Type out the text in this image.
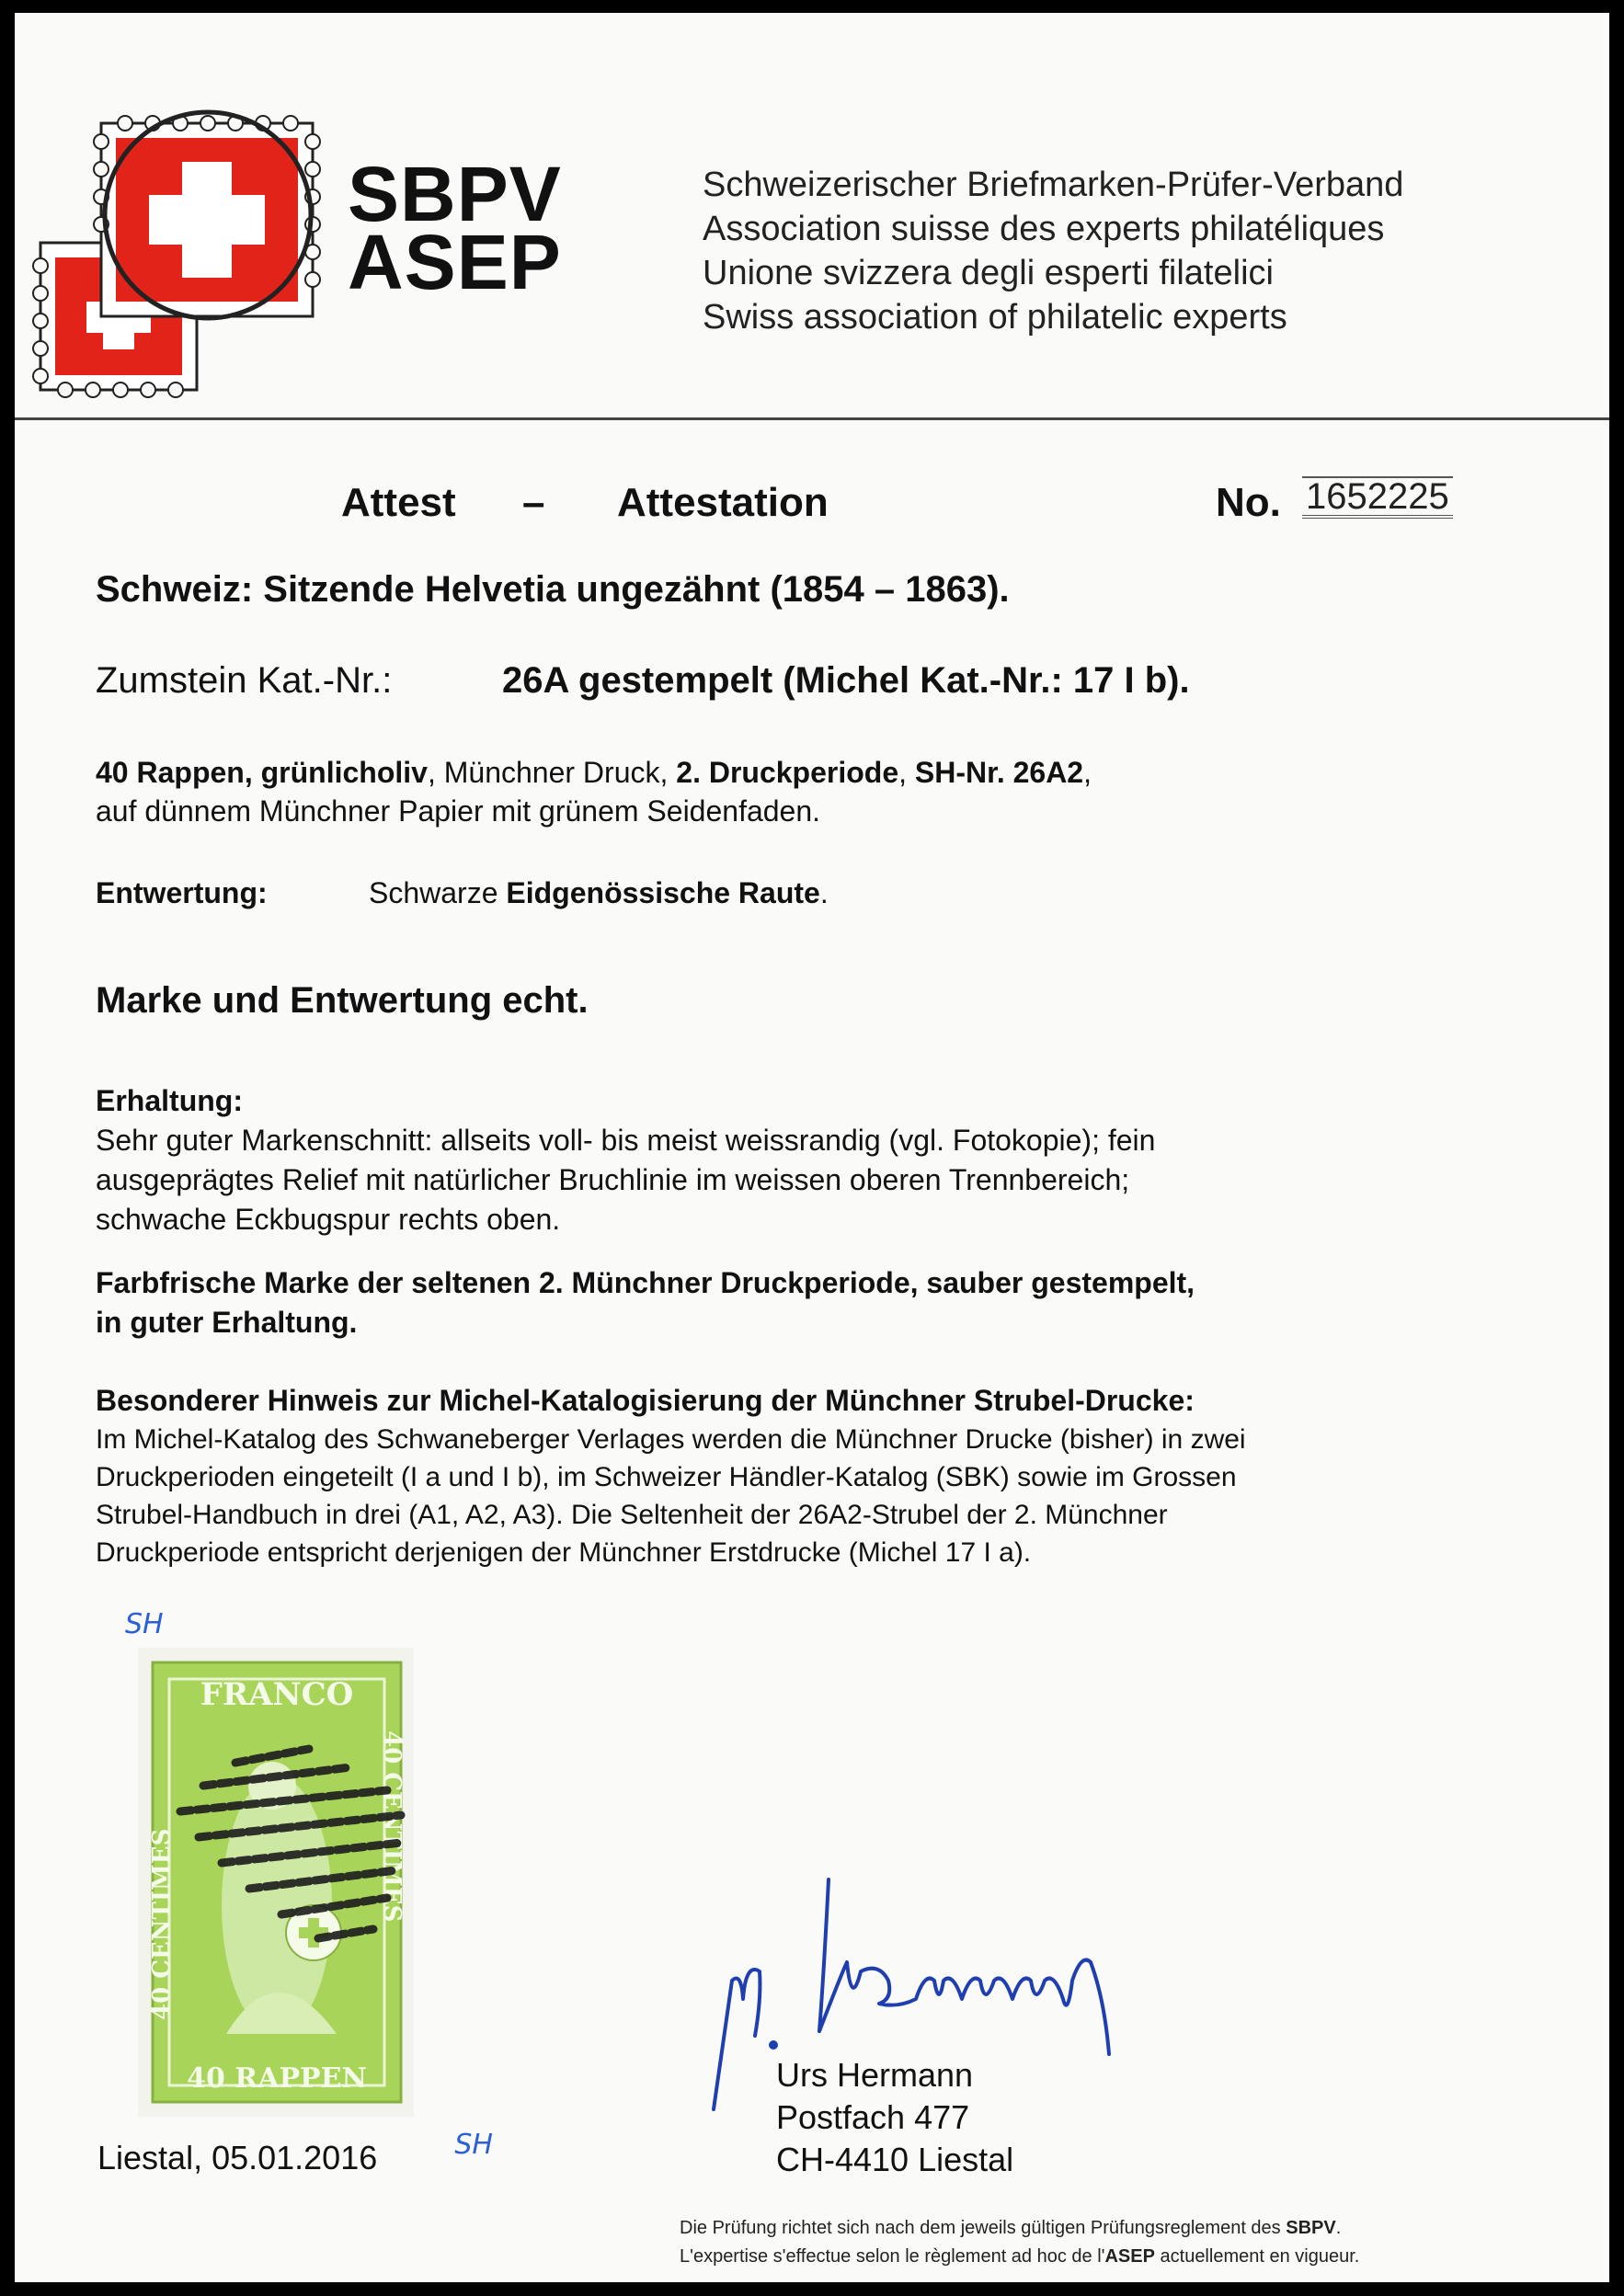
SBPV
ASEP
Schweizerischer Briefmarken-Prüfer-Verband
Association suisse des experts philatéliques
Unione svizzera degli esperti filatelici
Swiss association of philatelic experts
Attest – Attestation	No. 1652225
Schweiz: Sitzende Helvetia ungezähnt (1854 – 1863).
Zumstein Kat.-Nr.:	26A gestempelt (Michel Kat.-Nr.: 17 I b).
40 Rappen, grünlicholiv, Münchner Druck, 2. Druckperiode, SH-Nr. 26A2,
auf dünnem Münchner Papier mit grünem Seidenfaden.
Entwertung:	Schwarze Eidgenössische Raute.
Marke und Entwertung echt.
Erhaltung:
Sehr guter Markenschnitt: allseits voll- bis meist weissrandig (vgl. Fotokopie); fein
ausgeprägtes Relief mit natürlicher Bruchlinie im weissen oberen Trennbereich;
schwache Eckbugspur rechts oben.
Farbfrische Marke der seltenen 2. Münchner Druckperiode, sauber gestempelt,
in guter Erhaltung.
Besonderer Hinweis zur Michel-Katalogisierung der Münchner Strubel-Drucke:
Im Michel-Katalog des Schwaneberger Verlages werden die Münchner Drucke (bisher) in zwei
Druckperioden eingeteilt (I a und I b), im Schweizer Händler-Katalog (SBK) sowie im Grossen
Strubel-Handbuch in drei (A1, A2, A3). Die Seltenheit der 26A2-Strubel der 2. Münchner
Druckperiode entspricht derjenigen der Münchner Erstdrucke (Michel 17 I a).
SH
FRANCO
40 RAPPEN
40 CENTIMES
40 CENTIMES
SH
Urs Hermann
Postfach 477
CH-4410 Liestal
Liestal, 05.01.2016
Die Prüfung richtet sich nach dem jeweils gültigen Prüfungsreglement des SBPV.
L'expertise s'effectue selon le règlement ad hoc de l'ASEP actuellement en vigueur.
